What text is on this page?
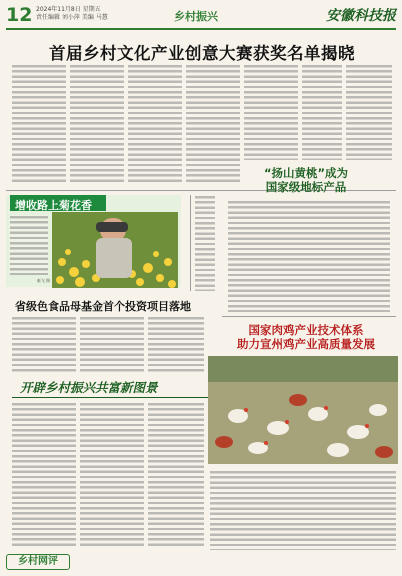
12 2024年11月8日 星期五
责任编辑 刘小萍 美编 马慧	乡村振兴	安徽科技报
首届乡村文化产业创意大赛获奖名单揭晓
增收路上菊花香
秦飞 摄
“扬山黄桃”成为
国家级地标产品
省级色食品母基金首个投资项目落地
国家肉鸡产业技术体系
助力宣州鸡产业高质量发展
开辟乡村振兴共富新图景
乡村网评
